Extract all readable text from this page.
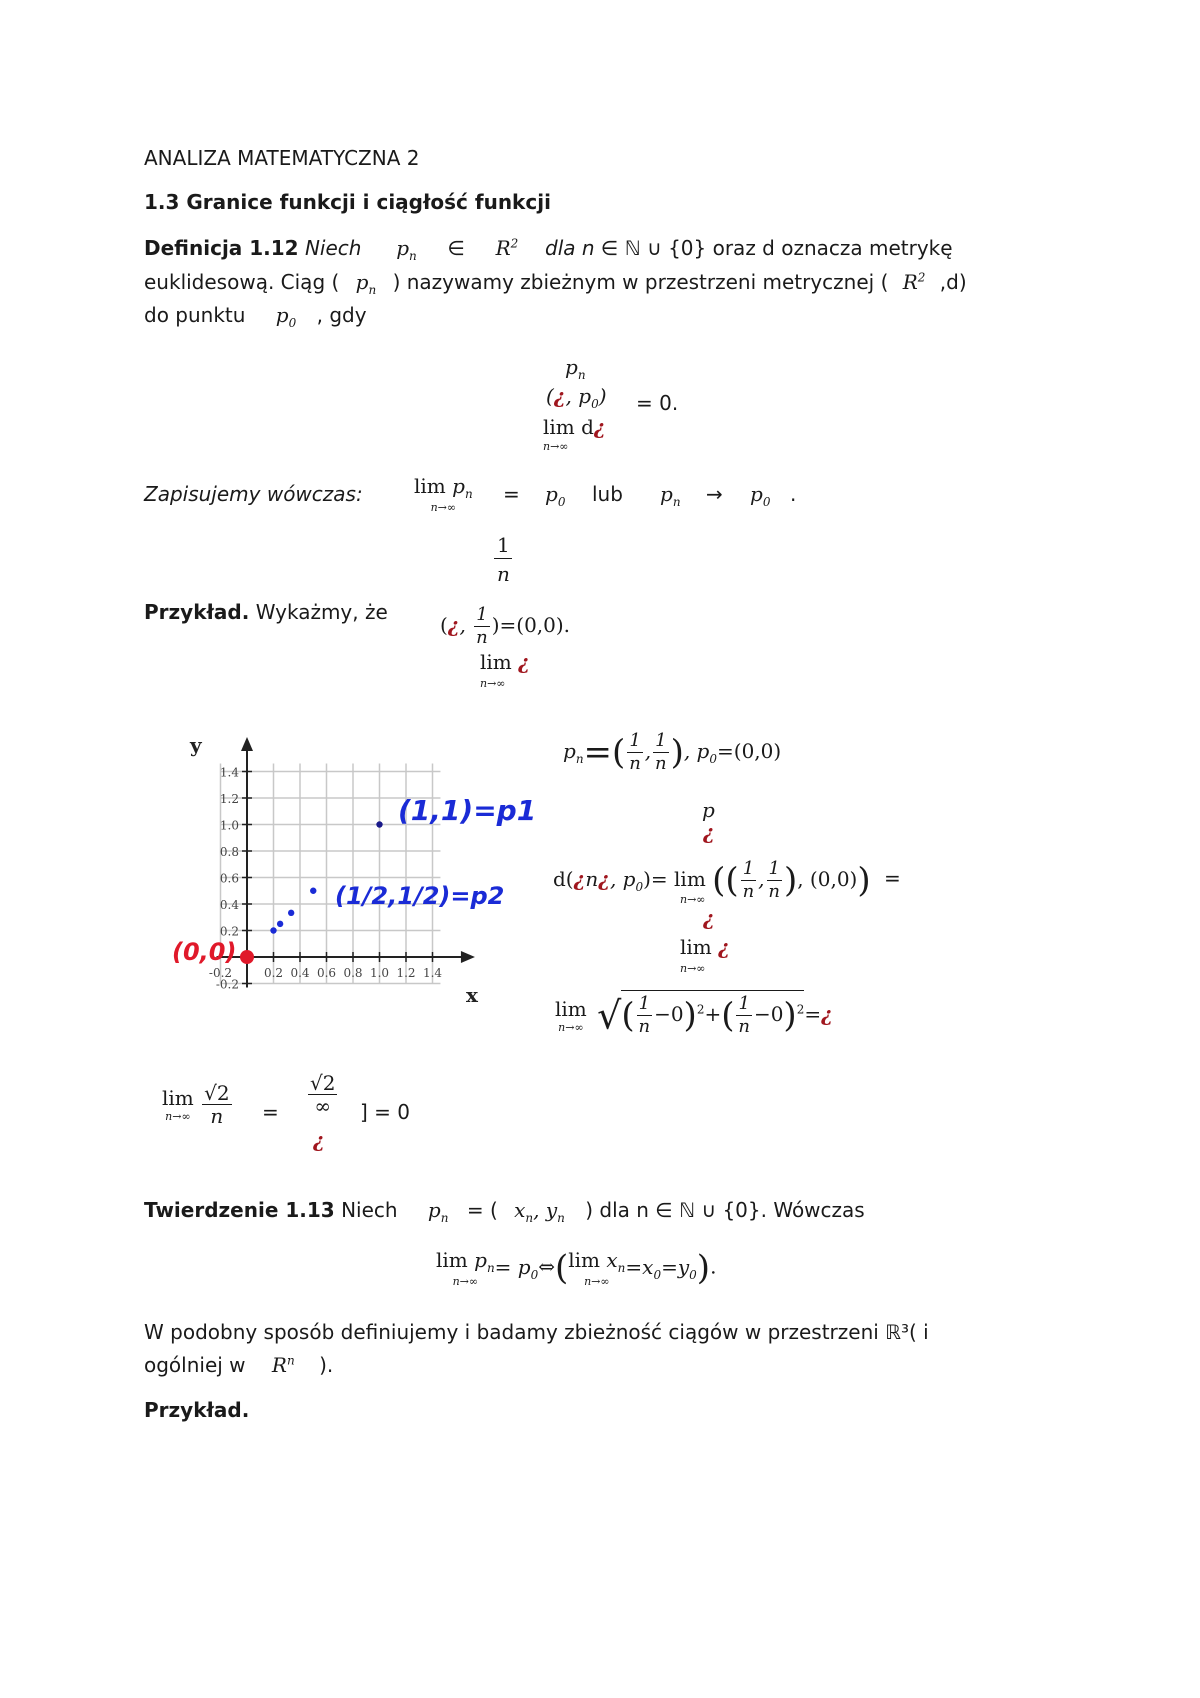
ANALIZA MATEMATYCZNA 2
1.3 Granice funkcji i ciągłość funkcji
Definicja 1.12 Niech $p_n$ ∈ $R^2$ dla n ∈ ℕ ∪ {0} oraz d oznacza metrykę
euklidesową. Ciąg ( $p_n$ ) nazywamy zbieżnym w przestrzeni metrycznej ( $R^2$ ,d)
do punktu $p_0$ , gdy
$p_n$
(¿, $p_0$)
lim d¿
n→∞
= 0.
Zapisujemy wówczas:	$\lim p_n$
n→∞
= $p_0$ lub $p_n \to p_0$ .
1
n
Przykład. Wykażmy, że
(¿, $\frac{1}{n} )=(0,0)$.
lim ¿
n→∞
1.4
1.2
1.0
0.8
0.6
0.4
0.2
-0.2
0.2 0.4 0.6 0.8 1.0 1.2 1.4
-0.2
y
x
(1,1)=p1
(1/2,1/2)=p2
(0,0)
$p_n=( \frac{1}{n}$ , $\frac{1}{n}$ ), $p_0=(0,0)$
p
¿
d(¿n¿, $p_0)= \lim$ (( $\frac{1}{n}$ , $\frac{1}{n}$ ), (0,0))
n→∞
¿
=
lim ¿
n→∞
lim
n→∞ √( $\frac{1}{n} -0)^2+( \frac{1}{n}$ $-0)^2=¿$
lim
n→∞
$\frac{√2}{n} = \frac{√2}{\infty}$
¿
] = 0
Twierdzenie 1.13 Niech $p_n$ = ( $x_n$, $y_n$ ) dla n ∈ ℕ ∪ {0}. Wówczas
$\lim p_n$
n→∞
= $p_0\Leftrightarrow$( $\lim x_n$
n→∞
$=x_0=y_0$).
W podobny sposób definiujemy i badamy zbieżność ciągów w przestrzeni ℝ³( i
ogólniej w $R^n$ ).
Przykład.
